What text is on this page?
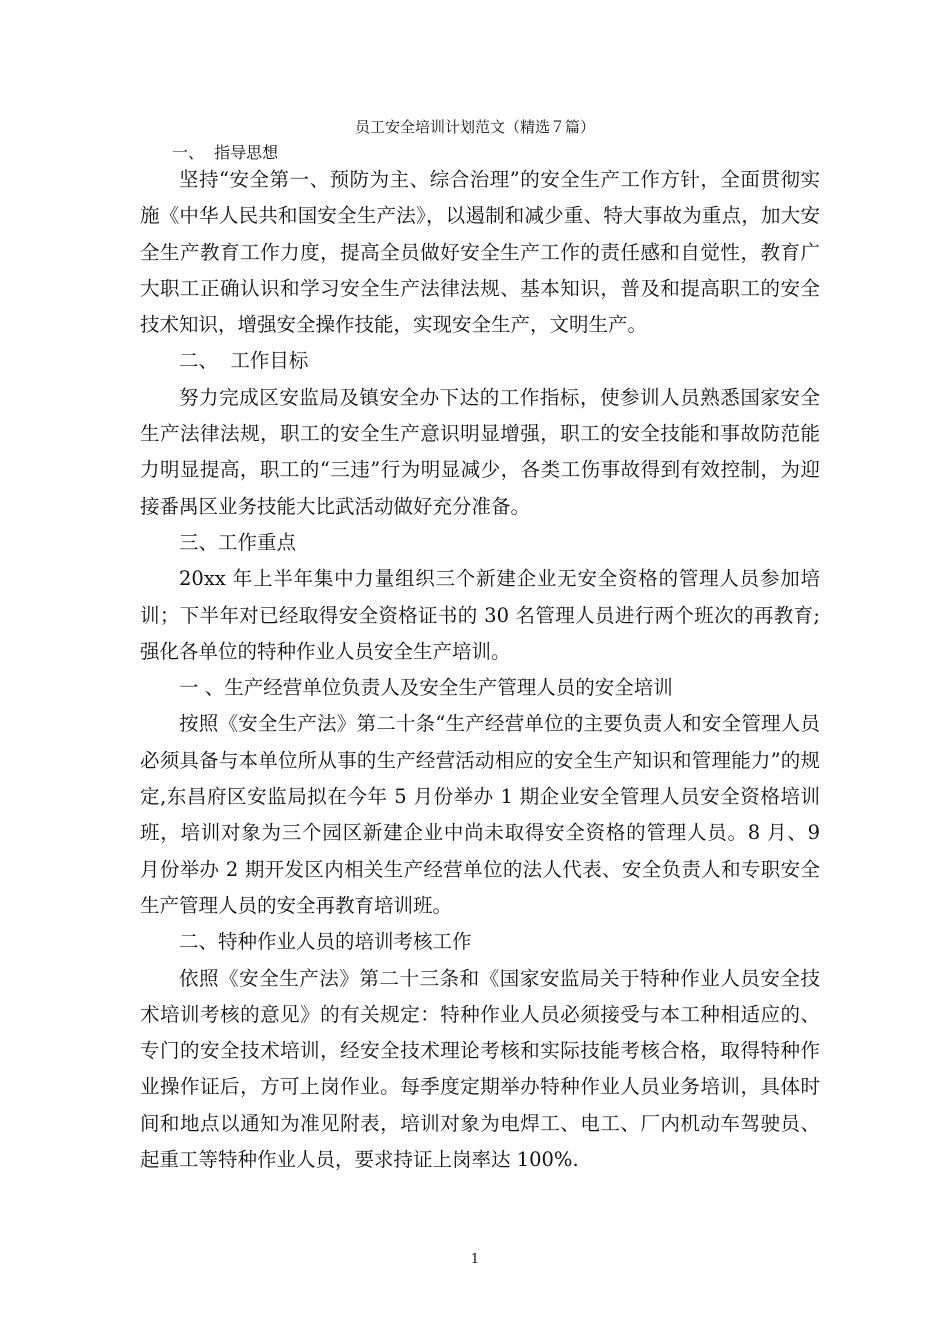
员工安全培训计划范文（精选７篇）
一、  指导思想

坚持“安全第一、预防为主、综合治理”的安全生产工作方针，全面贯彻实施《中华人民共和国安全生产法》，以遏制和减少重、特大事故为重点，加大安全生产教育工作力度，提高全员做好安全生产工作的责任感和自觉性，教育广大职工正确认识和学习安全生产法律法规、基本知识，普及和提高职工的安全技术知识，增强安全操作技能，实现安全生产，文明生产。

二、  工作目标

努力完成区安监局及镇安全办下达的工作指标，使参训人员熟悉国家安全生产法律法规，职工的安全生产意识明显增强，职工的安全技能和事故防范能力明显提高，职工的“三违”行为明显减少，各类工伤事故得到有效控制，为迎接番禺区业务技能大比武活动做好充分准备。

三、工作重点

20xx 年上半年集中力量组织三个新建企业无安全资格的管理人员参加培训；下半年对已经取得安全资格证书的 30 名管理人员进行两个班次的再教育;强化各单位的特种作业人员安全生产培训。

一 、生产经营单位负责人及安全生产管理人员的安全培训

按照《安全生产法》第二十条“生产经营单位的主要负责人和安全管理人员必须具备与本单位所从事的生产经营活动相应的安全生产知识和管理能力”的规定,东昌府区安监局拟在今年 5 月份举办 1 期企业安全管理人员安全资格培训班，培训对象为三个园区新建企业中尚未取得安全资格的管理人员。8 月、9 月份举办 2 期开发区内相关生产经营单位的法人代表、安全负责人和专职安全生产管理人员的安全再教育培训班。

二、特种作业人员的培训考核工作

依照《安全生产法》第二十三条和《国家安监局关于特种作业人员安全技术培训考核的意见》的有关规定：特种作业人员必须接受与本工种相适应的、专门的安全技术培训，经安全技术理论考核和实际技能考核合格，取得特种作业操作证后，方可上岗作业。每季度定期举办特种作业人员业务培训，具体时间和地点以通知为准见附表，培训对象为电焊工、电工、厂内机动车驾驶员、起重工等特种作业人员，要求持证上岗率达 100%.

1
